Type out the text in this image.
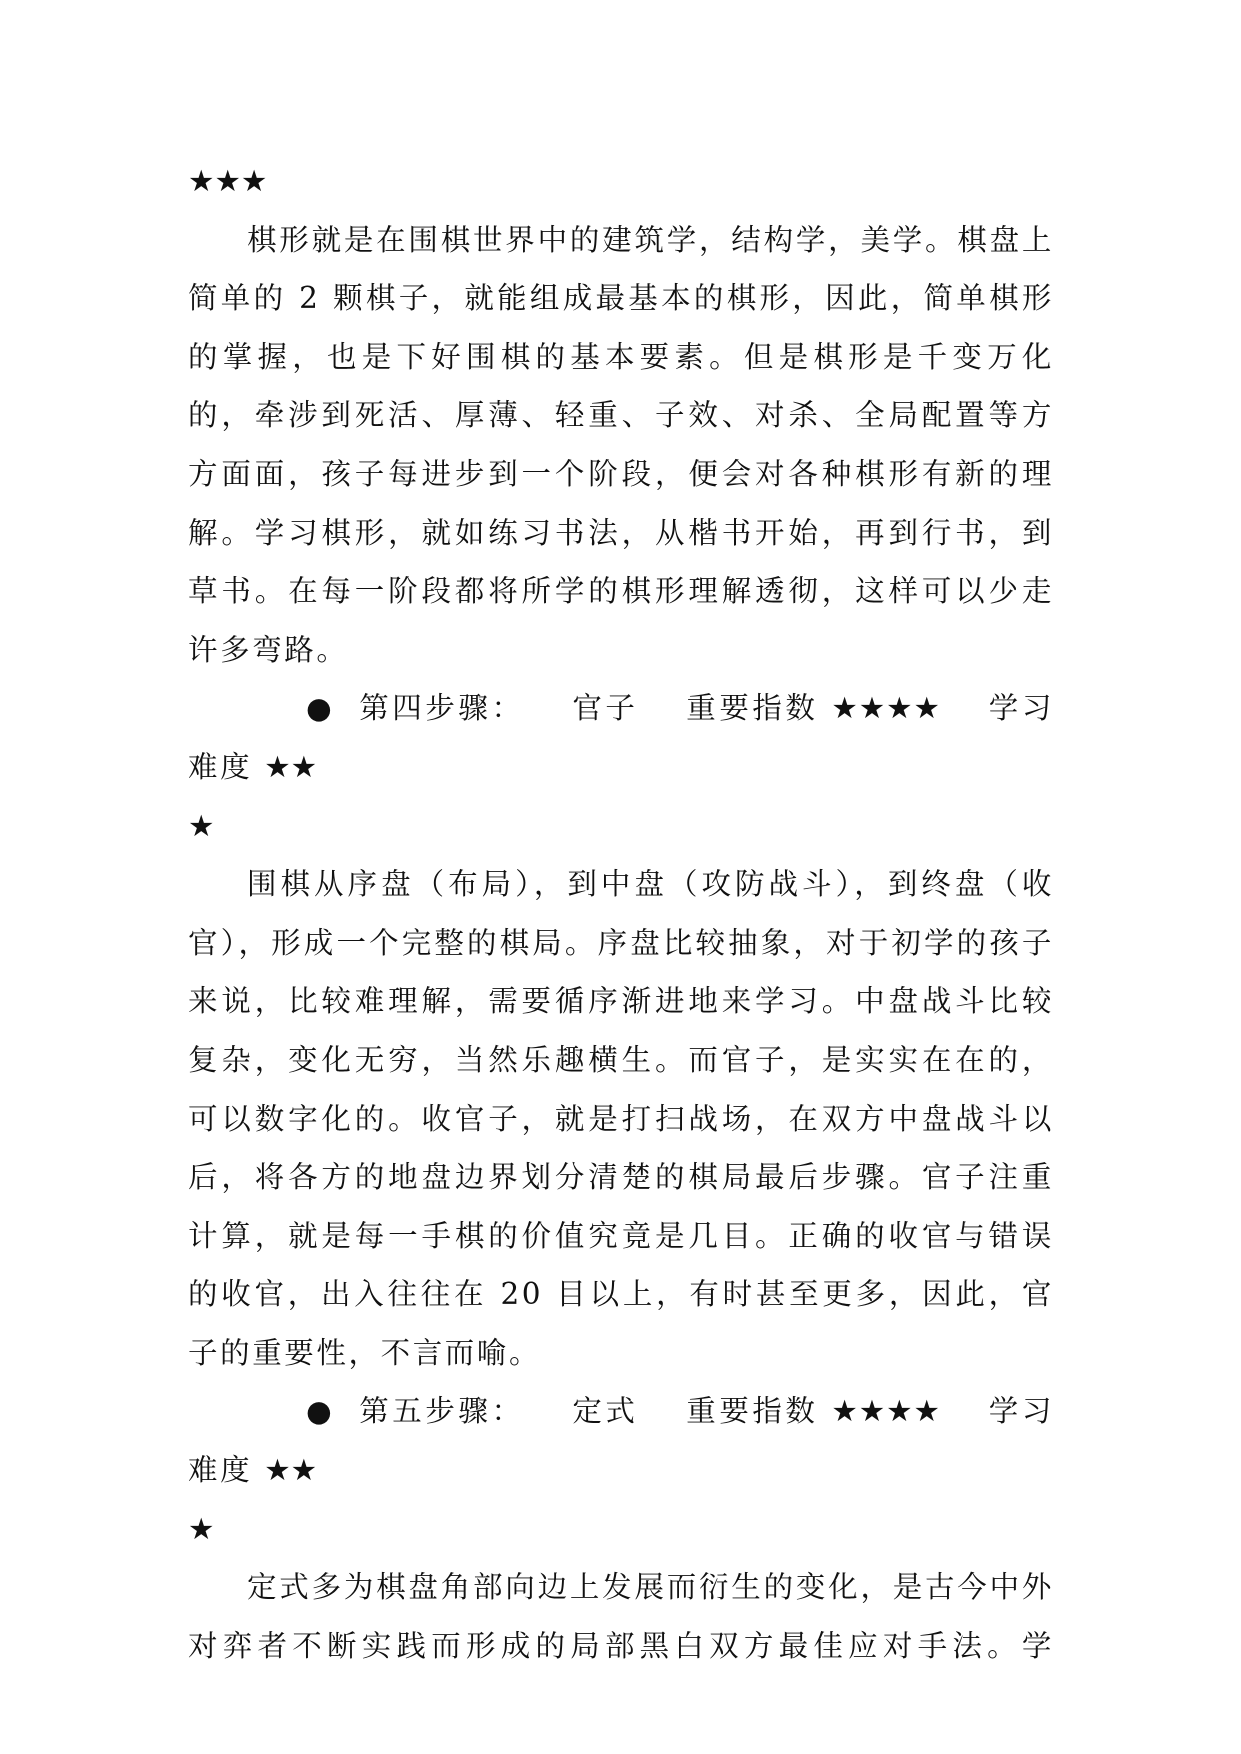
★★★

棋形就是在围棋世界中的建筑学，结构学，美学。棋盘上简单的 2 颗棋子，就能组成最基本的棋形，因此，简单棋形的掌握，也是下好围棋的基本要素。但是棋形是千变万化的，牵涉到死活、厚薄、轻重、子效、对杀、全局配置等方方面面，孩子每进步到一个阶段，便会对各种棋形有新的理解。学习棋形，就如练习书法，从楷书开始，再到行书，到草书。在每一阶段都将所学的棋形理解透彻，这样可以少走许多弯路。

● 第四步骤： 官子 重要指数 ★★★★ 学习难度 ★★

★

围棋从序盘（布局），到中盘（攻防战斗），到终盘（收官），形成一个完整的棋局。序盘比较抽象，对于初学的孩子来说，比较难理解，需要循序渐进地来学习。中盘战斗比较复杂，变化无穷，当然乐趣横生。而官子，是实实在在的，可以数字化的。收官子，就是打扫战场，在双方中盘战斗以后，将各方的地盘边界划分清楚的棋局最后步骤。官子注重计算，就是每一手棋的价值究竟是几目。正确的收官与错误的收官，出入往往在 20 目以上，有时甚至更多，因此，官子的重要性，不言而喻。

● 第五步骤： 定式 重要指数 ★★★★ 学习难度 ★★

★

定式多为棋盘角部向边上发展而衍生的变化，是古今中外对弈者不断实践而形成的局部黑白双方最佳应对手法。学
